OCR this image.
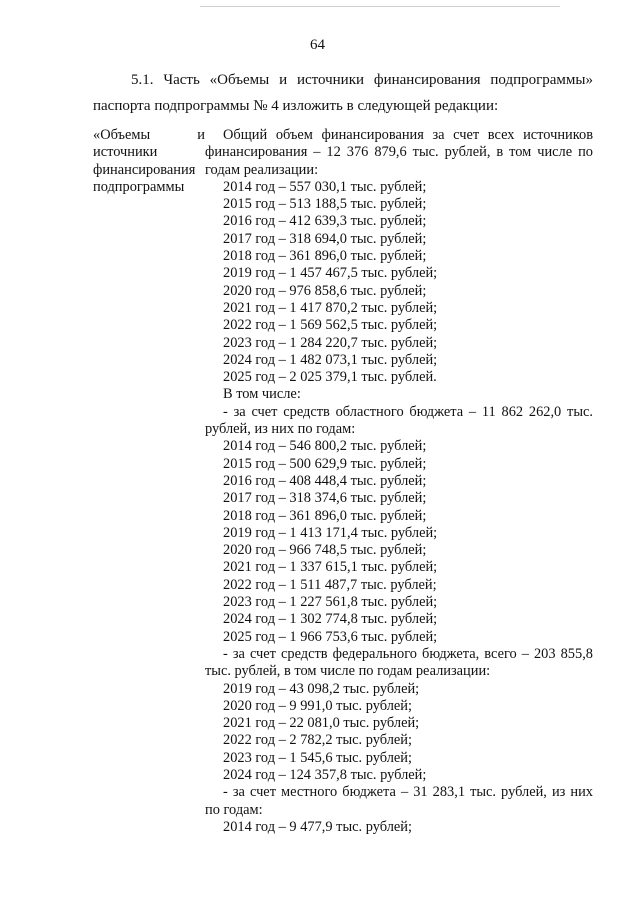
64

5.1. Часть «Объемы и источники финансирования подпрограммы»

паспорта подпрограммы № 4 изложить в следующей редакции:

«Объемы	и
источники
финансирования
подпрограммы

Общий объем финансирования за счет всех источников финансирования – 12 376 879,6 тыс. рублей, в том числе по годам реализации:

2014 год – 557 030,1 тыс. рублей;

2015 год – 513 188,5 тыс. рублей;

2016 год – 412 639,3 тыс. рублей;

2017 год – 318 694,0 тыс. рублей;

2018 год – 361 896,0 тыс. рублей;

2019 год – 1 457 467,5 тыс. рублей;

2020 год – 976 858,6 тыс. рублей;

2021 год – 1 417 870,2 тыс. рублей;

2022 год – 1 569 562,5 тыс. рублей;

2023 год – 1 284 220,7 тыс. рублей;

2024 год – 1 482 073,1 тыс. рублей;

2025 год – 2 025 379,1 тыс. рублей.

В том числе:

- за счет средств областного бюджета – 11 862 262,0 тыс. рублей, из них по годам:

2014 год – 546 800,2 тыс. рублей;

2015 год – 500 629,9 тыс. рублей;

2016 год – 408 448,4 тыс. рублей;

2017 год – 318 374,6 тыс. рублей;

2018 год – 361 896,0 тыс. рублей;

2019 год – 1 413 171,4 тыс. рублей;

2020 год – 966 748,5 тыс. рублей;

2021 год – 1 337 615,1 тыс. рублей;

2022 год – 1 511 487,7 тыс. рублей;

2023 год – 1 227 561,8 тыс. рублей;

2024 год – 1 302 774,8 тыс. рублей;

2025 год – 1 966 753,6 тыс. рублей;

- за счет средств федерального бюджета, всего – 203 855,8 тыс. рублей, в том числе по годам реализации:

2019 год – 43 098,2 тыс. рублей;

2020 год – 9 991,0 тыс. рублей;

2021 год – 22 081,0 тыс. рублей;

2022 год – 2 782,2 тыс. рублей;

2023 год – 1 545,6 тыс. рублей;

2024 год – 124 357,8 тыс. рублей;

- за счет местного бюджета – 31 283,1 тыс. рублей, из них по годам:

2014 год – 9 477,9 тыс. рублей;
